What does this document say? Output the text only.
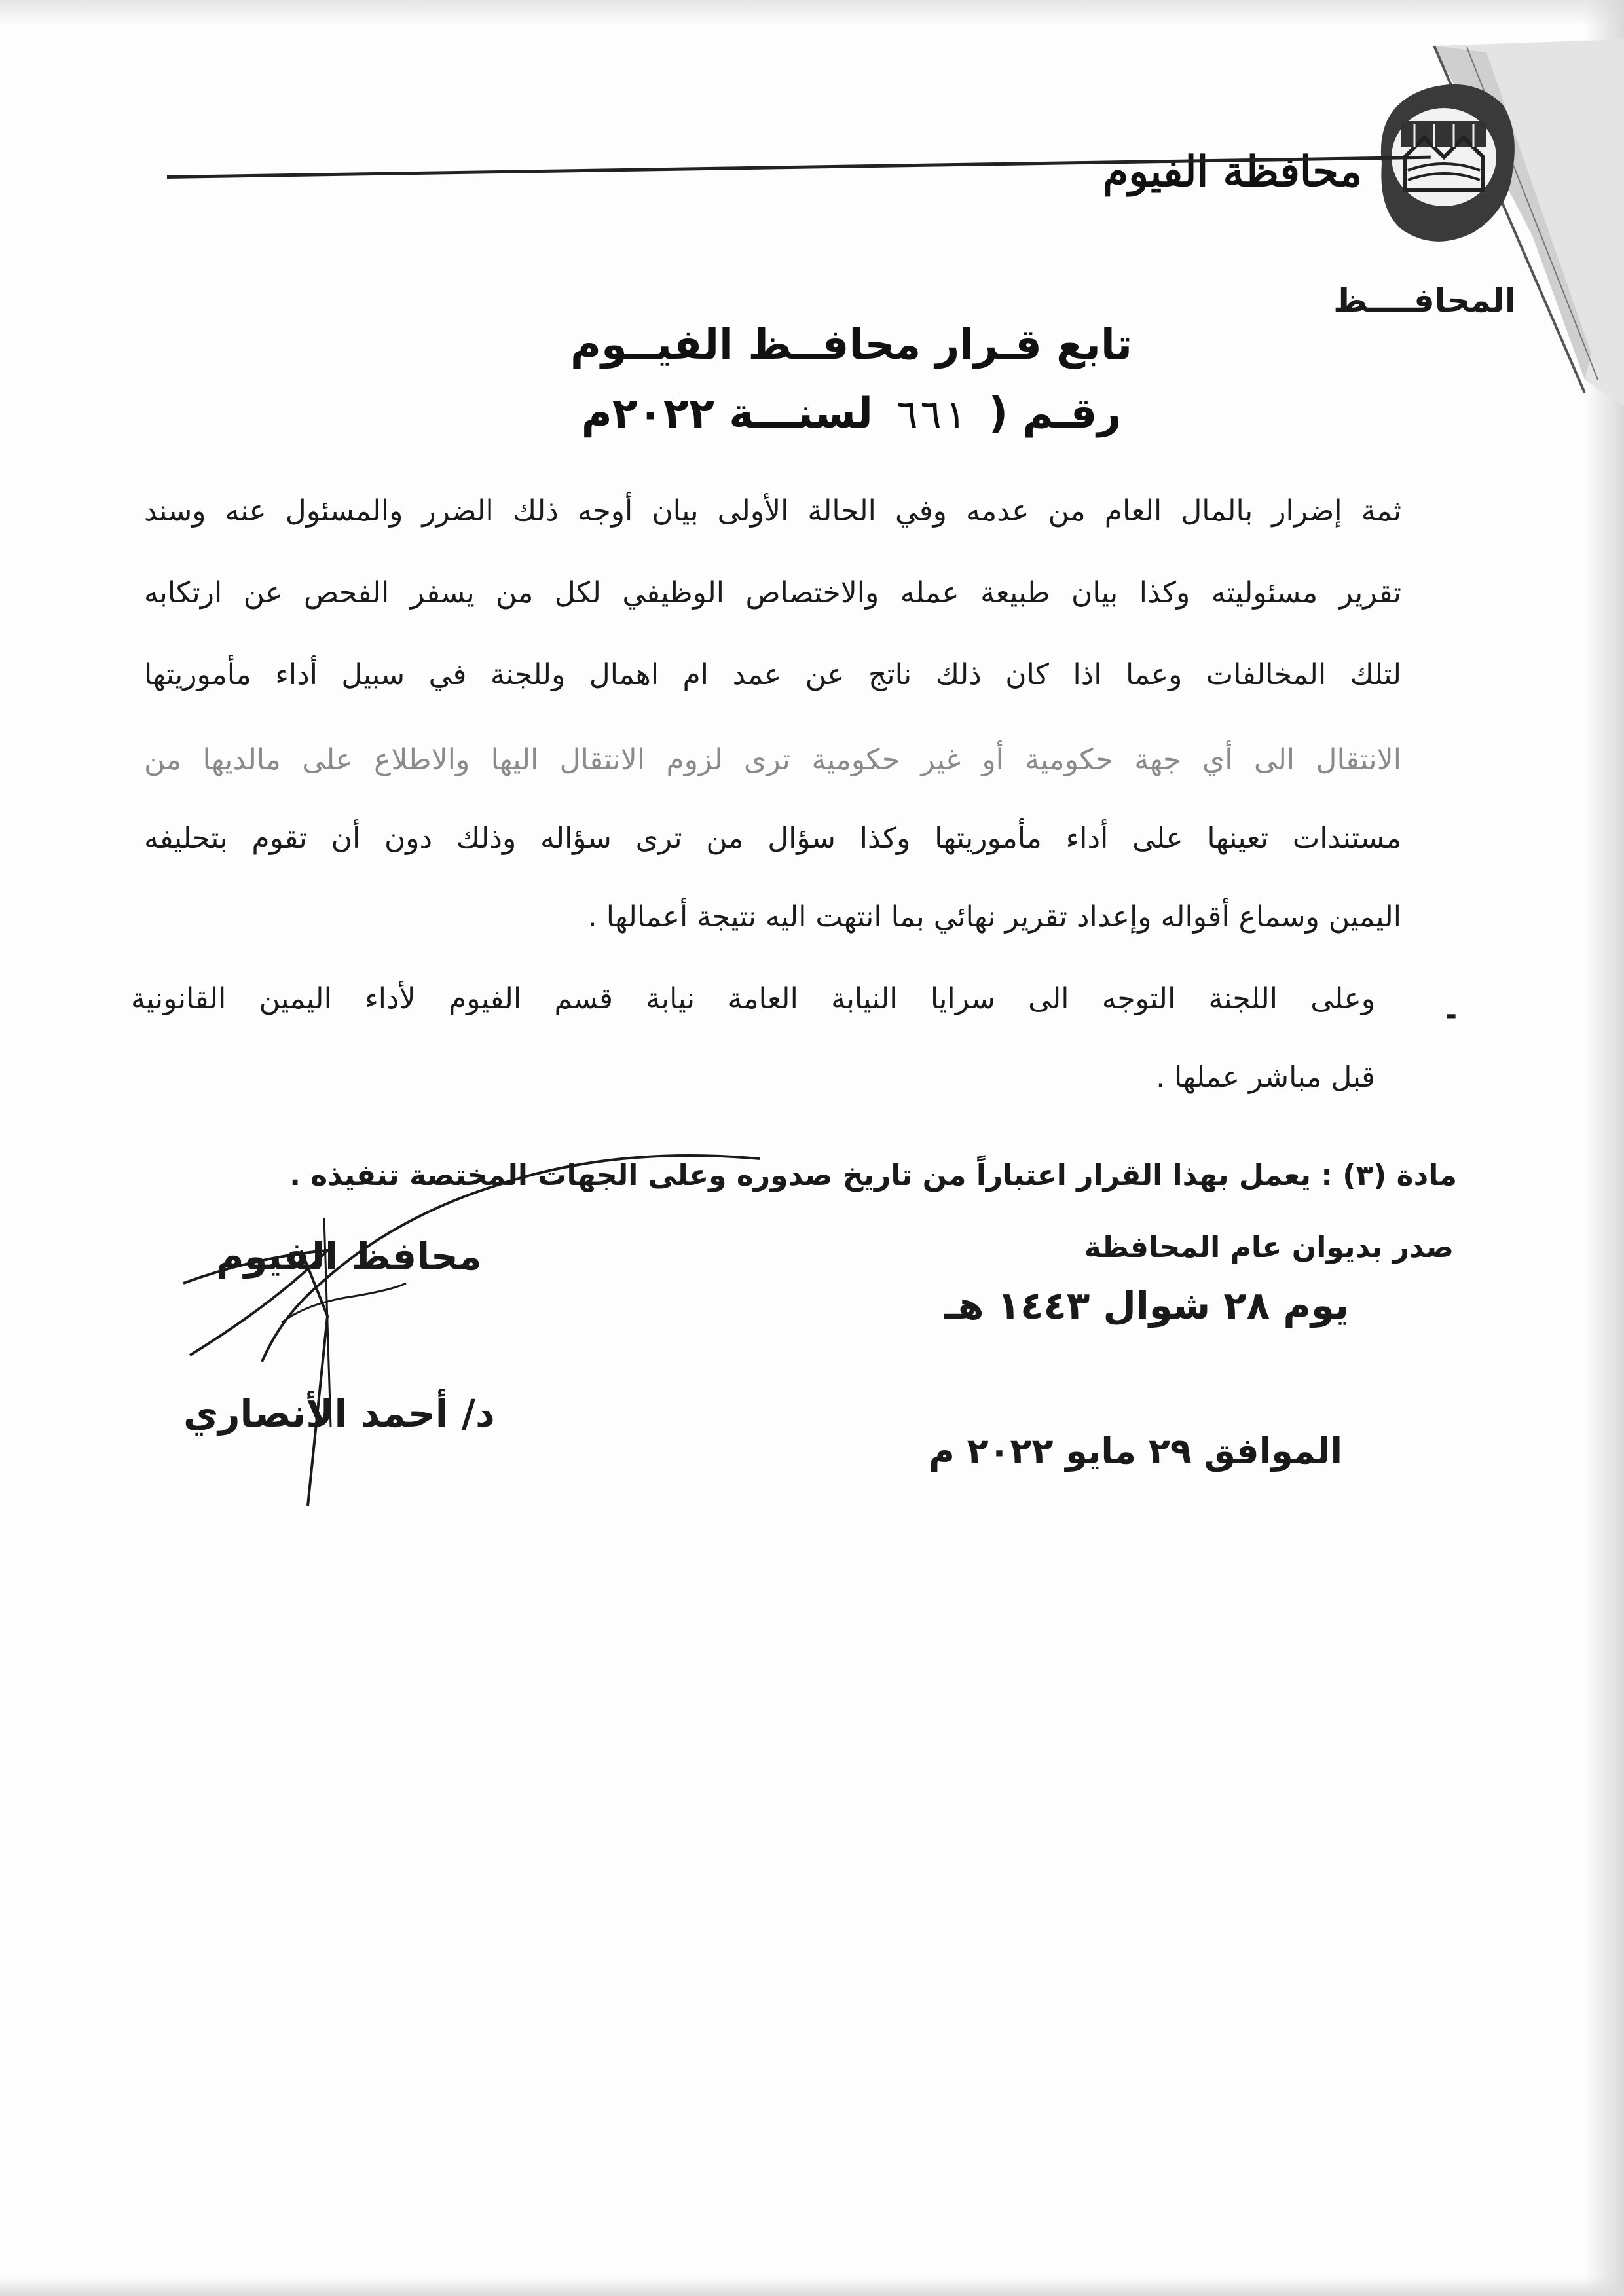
محافظة الفيوم
المحافــــظ
تابع قـرار محافــظ الفيــوم
رقـم ( ٦٦١ لسنـــة ٢٠٢٢م
ثمة إضرار بالمال العام من عدمه وفي الحالة الأولى بيان أوجه ذلك الضرر والمسئول عنه وسند
تقرير مسئوليته وكذا بيان طبيعة عمله والاختصاص الوظيفي لكل من يسفر الفحص عن ارتكابه
لتلك المخالفات وعما اذا كان ذلك ناتج عن عمد ام اهمال وللجنة في سبيل أداء مأموريتها
الانتقال الى أي جهة حكومية أو غير حكومية ترى لزوم الانتقال اليها والاطلاع على مالديها من
مستندات تعينها على أداء مأموريتها وكذا سؤال من ترى سؤاله وذلك دون أن تقوم بتحليفه
اليمين وسماع أقواله وإعداد تقرير نهائي بما انتهت اليه نتيجة أعمالها .
-
وعلى اللجنة التوجه الى سرايا النيابة العامة نيابة قسم الفيوم لأداء اليمين القانونية
قبل مباشر عملها .
مادة (٣) : يعمل بهذا القرار اعتباراً من تاريخ صدوره وعلى الجهات المختصة تنفيذه .
صدر بديوان عام المحافظة
يوم ٢٨ شوال ١٤٤٣ هـ
الموافق ٢٩ مايو ٢٠٢٢ م
محافظ الفيوم
د/ أحمد الأنصاري
